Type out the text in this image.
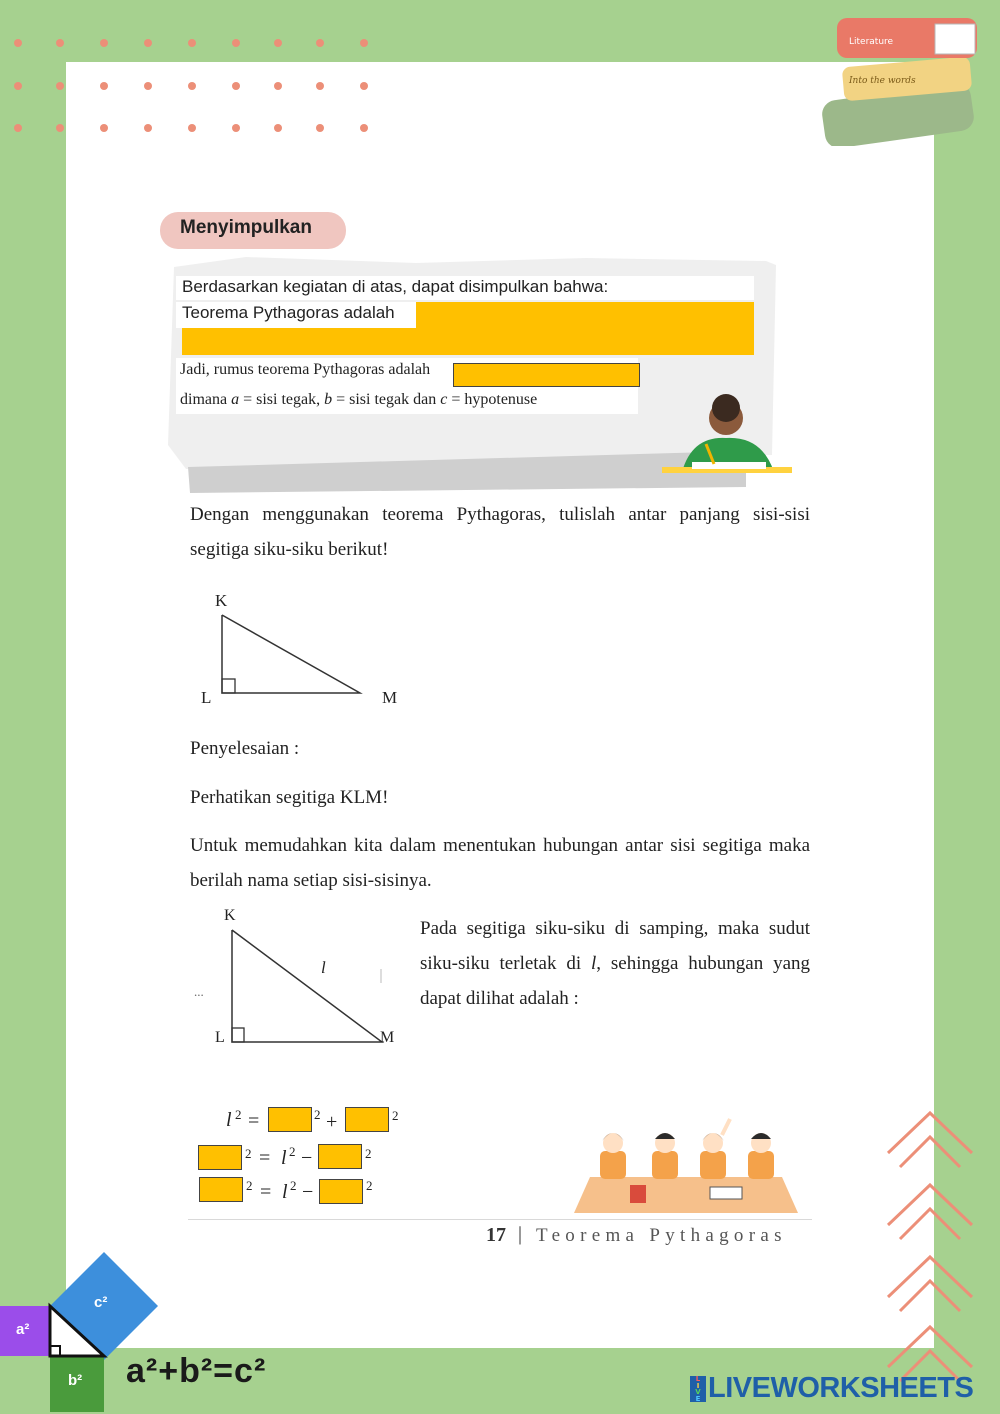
Literature
Into the words
Menyimpulkan
Berdasarkan kegiatan di atas, dapat disimpulkan bahwa:
Teorema Pythagoras adalah
Jadi, rumus teorema Pythagoras adalah
dimana a = sisi tegak, b = sisi tegak dan c = hypotenuse
Dengan menggunakan teorema Pythagoras, tulislah antar panjang sisi-sisi segitiga siku-siku berikut!
K
L	M
Penyelesaian :
Perhatikan segitiga KLM!
Untuk memudahkan kita dalam menentukan hubungan antar sisi segitiga maka berilah nama setiap sisi-sisinya.
K
L	M
l
...
Pada segitiga siku-siku di samping, maka sudut siku-siku terletak di l, sehingga hubungan yang dapat dilihat adalah :
l 2 =	2 +	2
2 = l 2 −	2
2 = l 2 −	2
17 | Teorema Pythagoras
c²
a²
b² a²+b²=c²	L
I
V
E LIVEWORKSHEETS
